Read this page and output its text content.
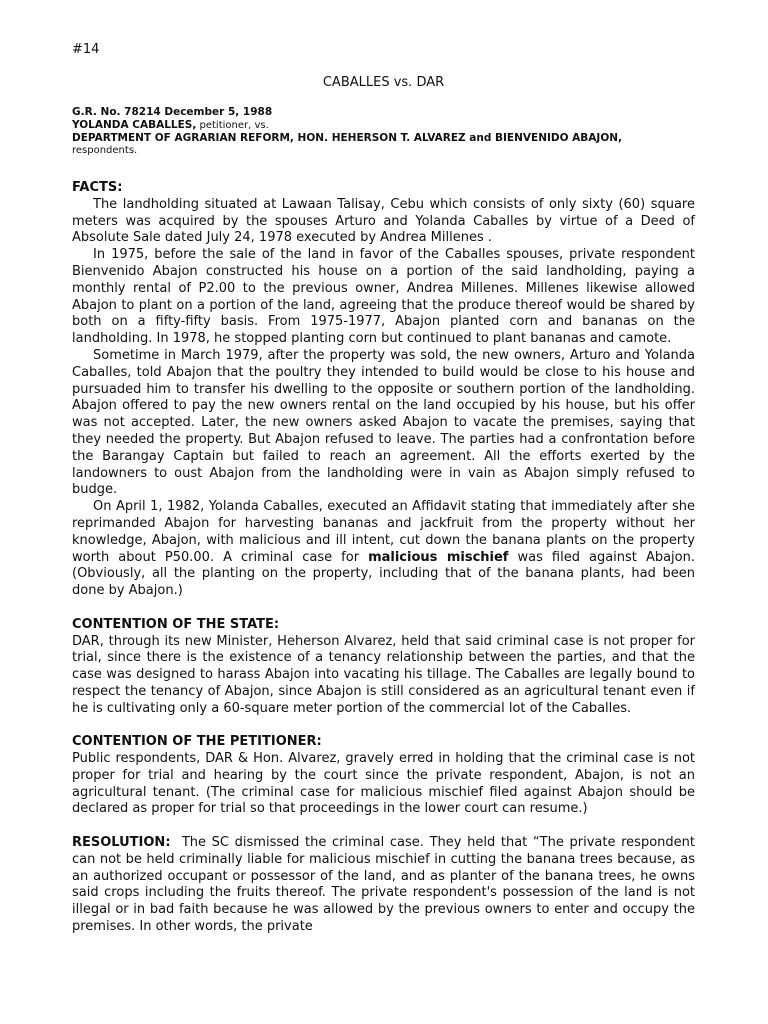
#14

CABALLES vs. DAR

G.R. No. 78214 December 5, 1988
YOLANDA CABALLES, petitioner, vs.
DEPARTMENT OF AGRARIAN REFORM, HON. HEHERSON T. ALVAREZ and BIENVENIDO ABAJON,
respondents.

FACTS:

The landholding situated at Lawaan Talisay, Cebu which consists of only sixty (60) square meters was acquired by the spouses Arturo and Yolanda Caballes by virtue of a Deed of Absolute Sale dated July 24, 1978 executed by Andrea Millenes .

In 1975, before the sale of the land in favor of the Caballes spouses, private respondent Bienvenido Abajon constructed his house on a portion of the said landholding, paying a monthly rental of P2.00 to the previous owner, Andrea Millenes. Millenes likewise allowed Abajon to plant on a portion of the land, agreeing that the produce thereof would be shared by both on a fifty-fifty basis. From 1975-1977, Abajon planted corn and bananas on the landholding. In 1978, he stopped planting corn but continued to plant bananas and camote.

Sometime in March 1979, after the property was sold, the new owners, Arturo and Yolanda Caballes, told Abajon that the poultry they intended to build would be close to his house and pursuaded him to transfer his dwelling to the opposite or southern portion of the landholding. Abajon offered to pay the new owners rental on the land occupied by his house, but his offer was not accepted. Later, the new owners asked Abajon to vacate the premises, saying that they needed the property. But Abajon refused to leave. The parties had a confrontation before the Barangay Captain but failed to reach an agreement. All the efforts exerted by the landowners to oust Abajon from the landholding were in vain as Abajon simply refused to budge.

On April 1, 1982, Yolanda Caballes, executed an Affidavit stating that immediately after she reprimanded Abajon for harvesting bananas and jackfruit from the property without her knowledge, Abajon, with malicious and ill intent, cut down the banana plants on the property worth about P50.00. A criminal case for malicious mischief was filed against Abajon. (Obviously, all the planting on the property, including that of the banana plants, had been done by Abajon.)

CONTENTION OF THE STATE:

DAR, through its new Minister, Heherson Alvarez, held that said criminal case is not proper for trial, since there is the existence of a tenancy relationship between the parties, and that the case was designed to harass Abajon into vacating his tillage. The Caballes are legally bound to respect the tenancy of Abajon, since Abajon is still considered as an agricultural tenant even if he is cultivating only a 60-square meter portion of the commercial lot of the Caballes.

CONTENTION OF THE PETITIONER:

Public respondents, DAR & Hon. Alvarez, gravely erred in holding that the criminal case is not proper for trial and hearing by the court since the private respondent, Abajon, is not an agricultural tenant. (The criminal case for malicious mischief filed against Abajon should be declared as proper for trial so that proceedings in the lower court can resume.)

RESOLUTION:  The SC dismissed the criminal case. They held that “The private respondent can not be held criminally liable for malicious mischief in cutting the banana trees because, as an authorized occupant or possessor of the land, and as planter of the banana trees, he owns said crops including the fruits thereof. The private respondent's possession of the land is not illegal or in bad faith because he was allowed by the previous owners to enter and occupy the premises. In other words, the private
